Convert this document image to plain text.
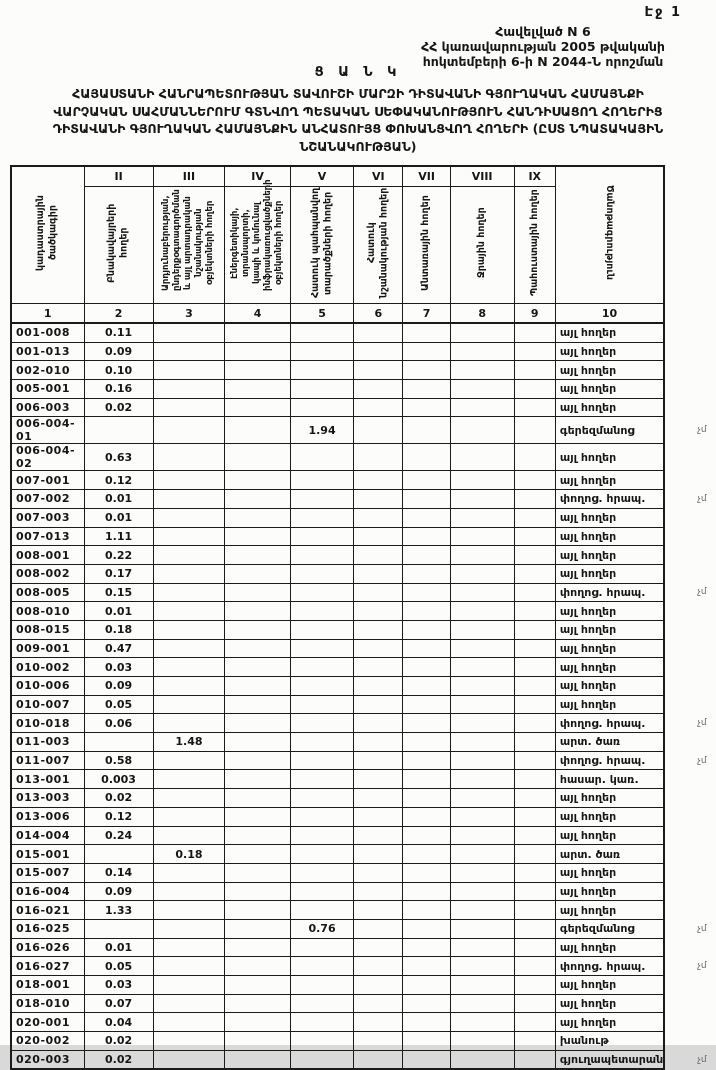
Էջ 1
Հավելված N 6
ՀՀ կառավարության 2005 թվականի
հոկտեմբերի 6-ի N 2044-Ն որոշման
Ց Ա Ն Կ
ՀԱՅԱՍՏԱՆԻ ՀԱՆՐԱՊԵՏՈՒԹՅԱՆ ՏԱՎՈՒՇԻ ՄԱՐԶԻ ԴԻՏԱՎԱՆԻ ԳՅՈՒՂԱԿԱՆ ՀԱՄԱՅՆՔԻ
ՎԱՐՉԱԿԱՆ ՍԱՀՄԱՆՆԵՐՈՒՄ ԳՏՆՎՈՂ ՊԵՏԱԿԱՆ ՍԵՓԱԿԱՆՈՒԹՅՈՒՆ ՀԱՆԴԻՍԱՑՈՂ ՀՈՂԵՐԻՑ
ԴԻՏԱՎԱՆԻ ԳՅՈՒՂԱԿԱՆ ՀԱՄԱՅՆՔԻՆ ԱՆՀԱՏՈՒՅՑ ՓՈԽԱՆՑՎՈՂ ՀՈՂԵՐԻ (ԸՍՏ ՆՊԱՏԱԿԱՅԻՆ
ՆՇԱՆԱԿՈՒԹՅԱՆ)
կադաստրային ծածկագիր	II	III	IV	V	VI	VII	VIII	IX	Ծանոթագրություն	
	Բնակավայրերի հողեր	Արդյունաբերության, ընդերքօգտագործման և այլ արտադրական նշանակության օբյեկտների հողեր	Էներգետիկայի, տրանսպորտի, կապի և կոմունալ ինֆրակառուցվածքների օբյեկտների հողեր	Հատուկ պահպանվող տարածքների հողեր	Հատուկ նշանակության հողեր	Անտառային հողեր	Ջրային հողեր	Պահուստային հողեր		
1	2	3	4	5	6	7	8	9	10	
001-008	0.11								այլ հողեր	
001-013	0.09								այլ հողեր	
002-010	0.10								այլ հողեր	
005-001	0.16								այլ հողեր	
006-003	0.02								այլ հողեր	
006-004-01				1.94					գերեզմանոց	չմ
006-004-02	0.63								այլ հողեր	
007-001	0.12								այլ հողեր	
007-002	0.01								փողոց. հրապ.	չմ
007-003	0.01								այլ հողեր	
007-013	1.11								այլ հողեր	
008-001	0.22								այլ հողեր	
008-002	0.17								այլ հողեր	
008-005	0.15								փողոց. հրապ.	չմ
008-010	0.01								այլ հողեր	
008-015	0.18								այլ հողեր	
009-001	0.47								այլ հողեր	
010-002	0.03								այլ հողեր	
010-006	0.09								այլ հողեր	
010-007	0.05								այլ հողեր	
010-018	0.06								փողոց. հրապ.	չմ
011-003		1.48							արտ. ծառ	
011-007	0.58								փողոց. հրապ.	չմ
013-001	0.003								հասար. կառ.	
013-003	0.02								այլ հողեր	
013-006	0.12								այլ հողեր	
014-004	0.24								այլ հողեր	
015-001		0.18							արտ. ծառ	
015-007	0.14								այլ հողեր	
016-004	0.09								այլ հողեր	
016-021	1.33								այլ հողեր	
016-025				0.76					գերեզմանոց	չմ
016-026	0.01								այլ հողեր	
016-027	0.05								փողոց. հրապ.	չմ
018-001	0.03								այլ հողեր	
018-010	0.07								այլ հողեր	
020-001	0.04								այլ հողեր	
020-002	0.02								խանութ	
020-003	0.02								գյուղապետարան	չմ
